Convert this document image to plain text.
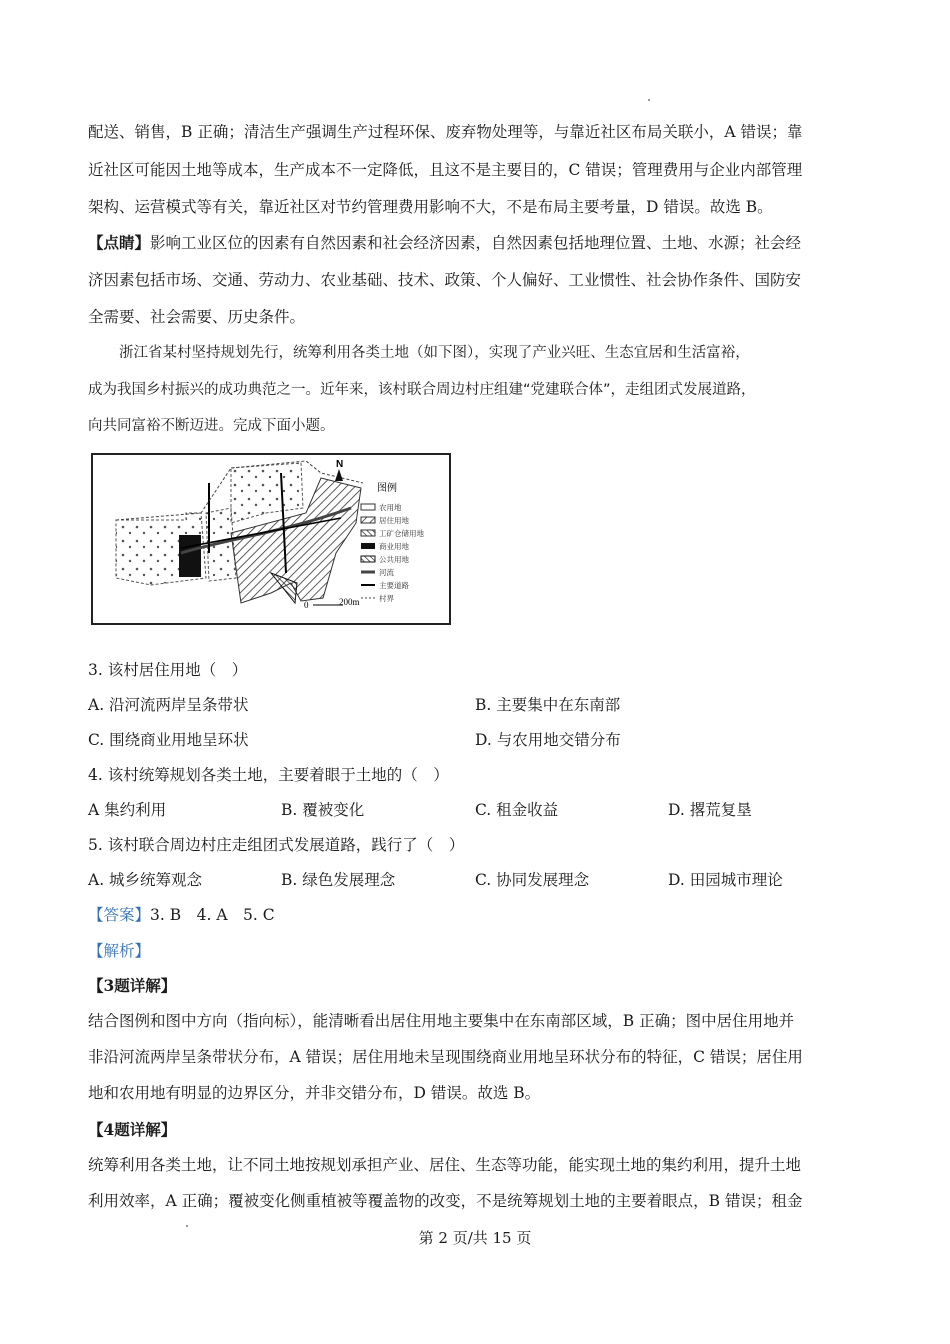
配送、销售，B 正确；清洁生产强调生产过程环保、废弃物处理等，与靠近社区布局关联小，A 错误；靠
近社区可能因土地等成本，生产成本不一定降低，且这不是主要目的，C 错误；管理费用与企业内部管理
架构、运营模式等有关，靠近社区对节约管理费用影响不大，不是布局主要考量，D 错误。故选 B。
【点睛】影响工业区位的因素有自然因素和社会经济因素，自然因素包括地理位置、土地、水源；社会经
济因素包括市场、交通、劳动力、农业基础、技术、政策、个人偏好、工业惯性、社会协作条件、国防安
全需要、社会需要、历史条件。
浙江省某村坚持规划先行，统筹利用各类土地（如下图），实现了产业兴旺、生态宜居和生活富裕，
成为我国乡村振兴的成功典范之一。近年来，该村联合周边村庄组建“党建联合体”，走组团式发展道路，
向共同富裕不断迈进。完成下面小题。
N
图例
农用地
居住用地
工矿仓储用地
商业用地
公共用地
河流
主要道路
村界
0	200m
3. 该村居住用地（　）
A. 沿河流两岸呈条带状	B. 主要集中在东南部
C. 围绕商业用地呈环状	D. 与农用地交错分布
4. 该村统筹规划各类土地，主要着眼于土地的（　）
A 集约利用	B. 覆被变化	C. 租金收益	D. 撂荒复垦
5. 该村联合周边村庄走组团式发展道路，践行了（　）
A. 城乡统筹观念	B. 绿色发展理念	C. 协同发展理念	D. 田园城市理论
【答案】3. B　4. A　5. C
【解析】
【3题详解】
结合图例和图中方向（指向标），能清晰看出居住用地主要集中在东南部区域，B 正确；图中居住用地并
非沿河流两岸呈条带状分布，A 错误；居住用地未呈现围绕商业用地呈环状分布的特征，C 错误；居住用
地和农用地有明显的边界区分，并非交错分布，D 错误。故选 B。
【4题详解】
统筹利用各类土地，让不同土地按规划承担产业、居住、生态等功能，能实现土地的集约利用，提升土地
利用效率，A 正确；覆被变化侧重植被等覆盖物的改变，不是统筹规划土地的主要着眼点，B 错误；租金
第 2 页/共 15 页
